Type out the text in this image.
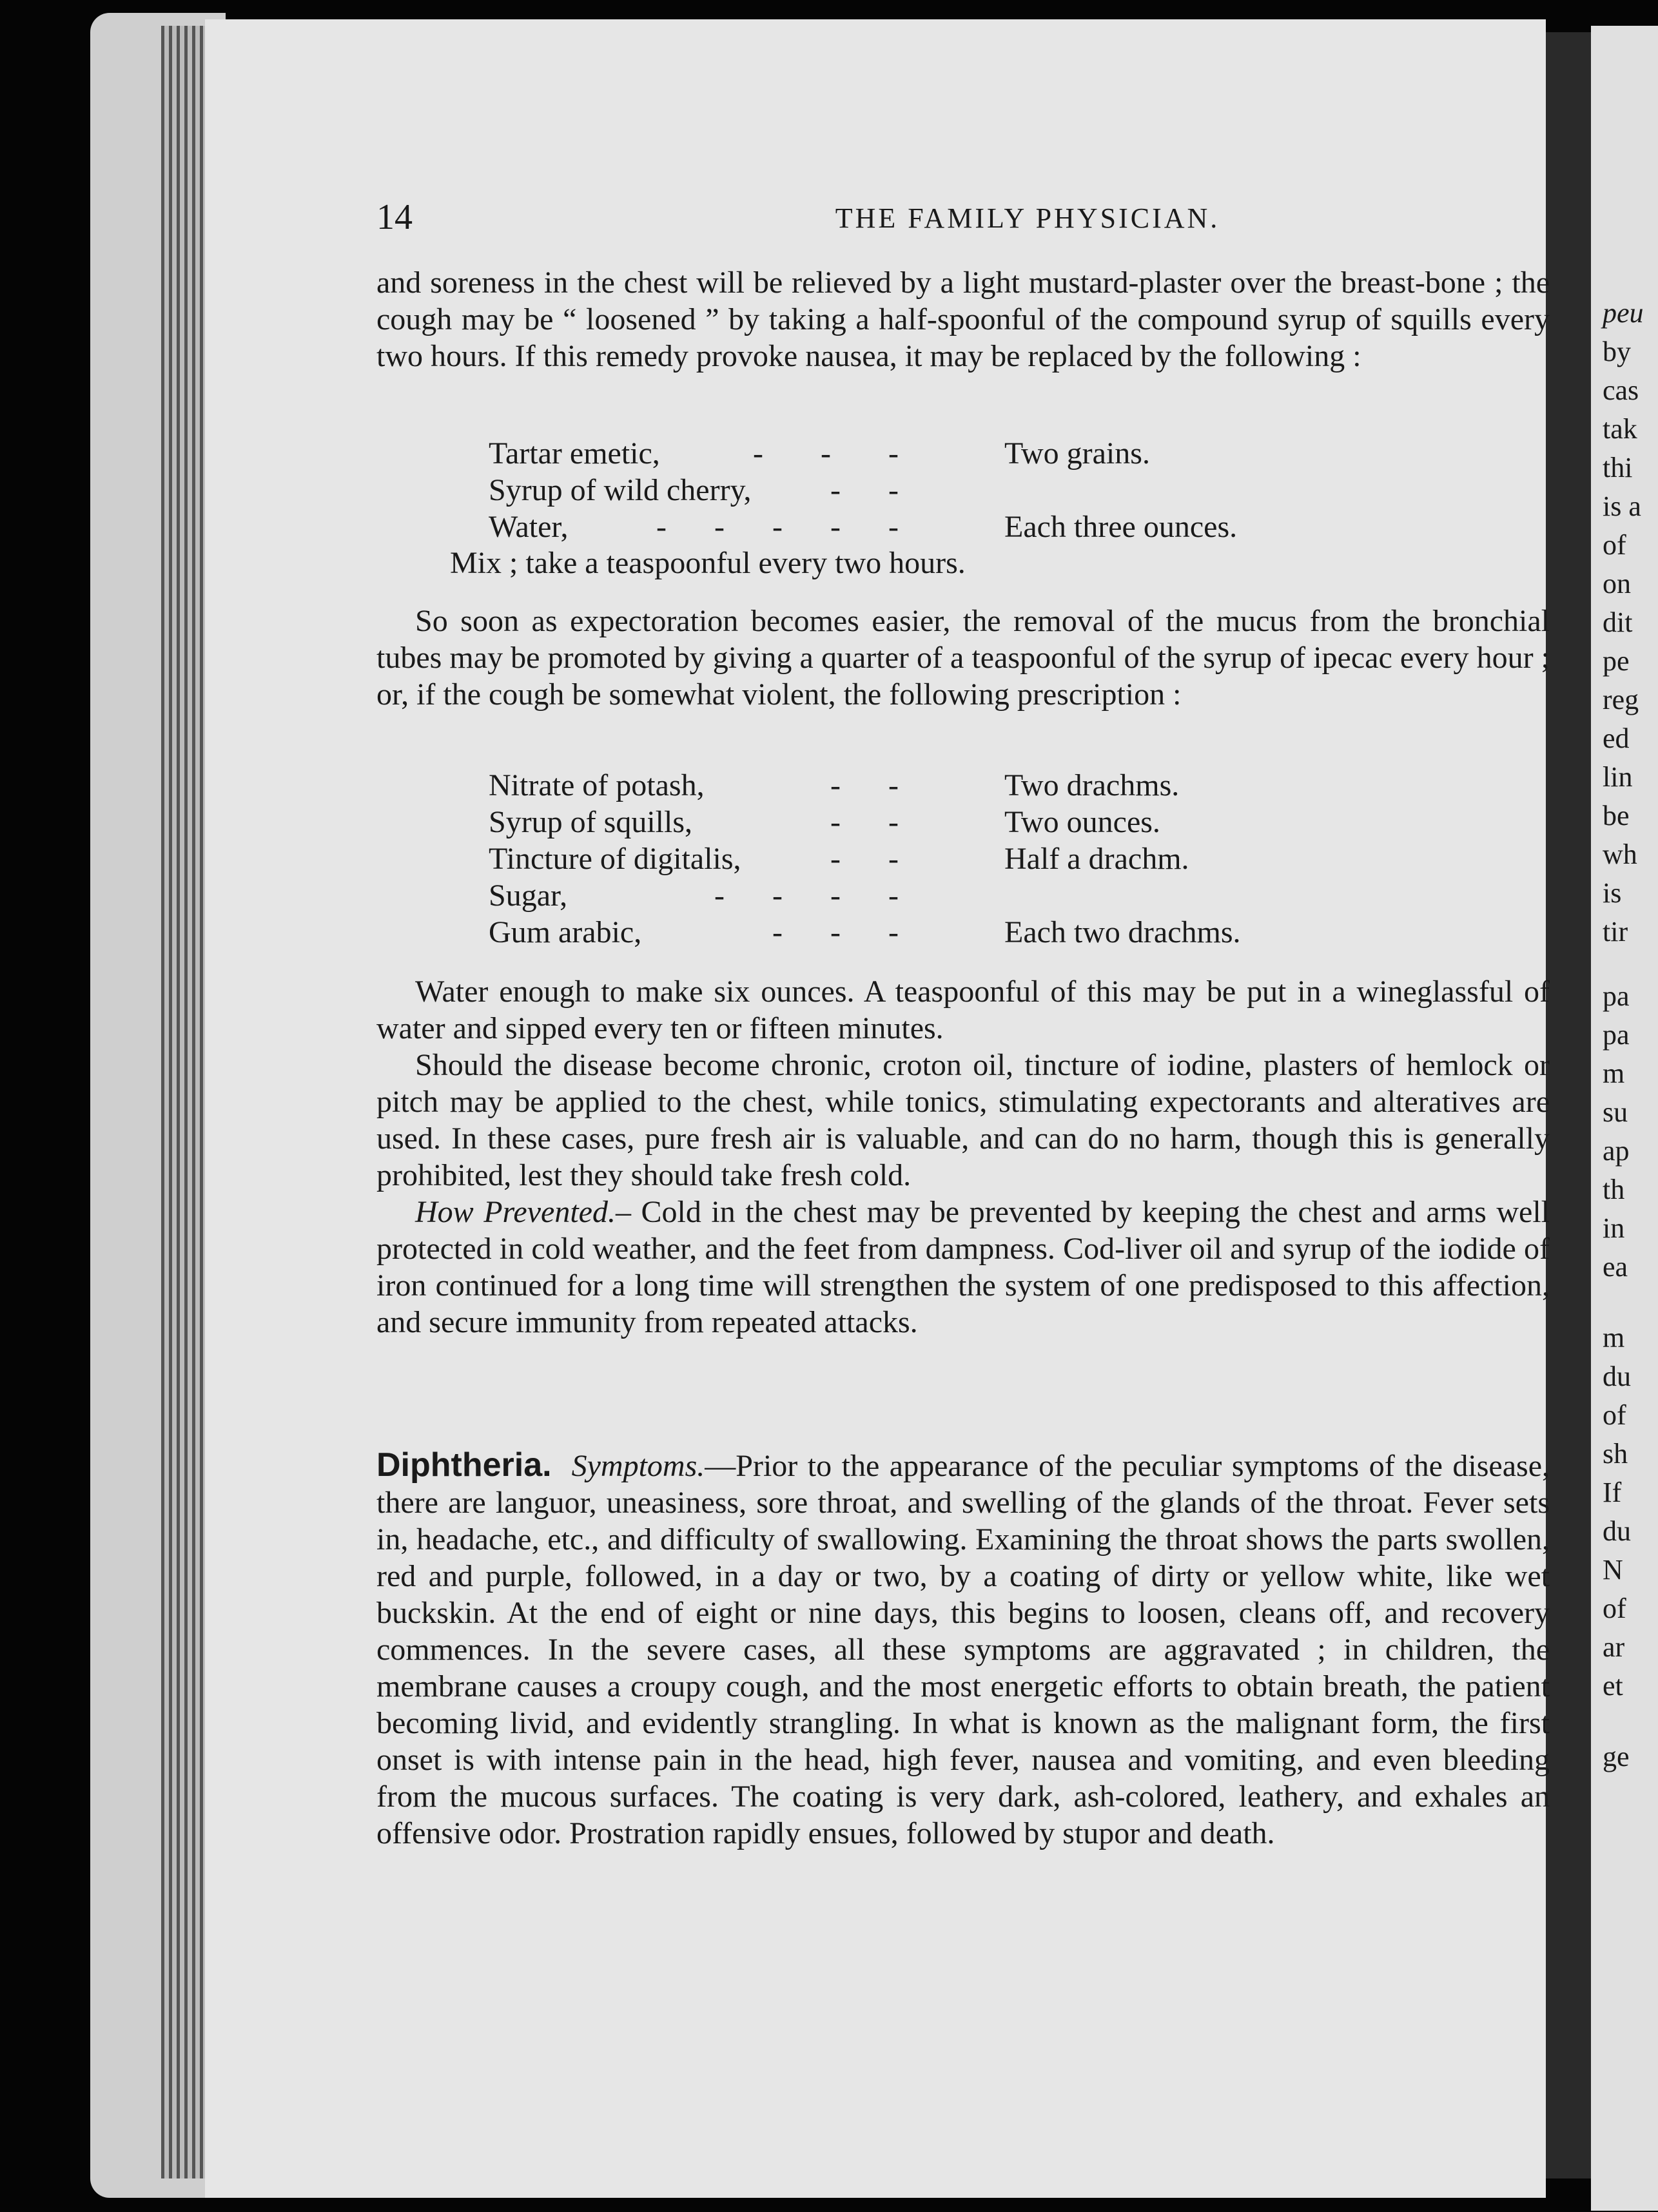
peu
by
cas
tak
thi
is a
of
on
dit
pe
reg
ed
lin
be
wh
is
tir
pa
pa
m
su
ap
th
in
ea
m
du
of
sh
If
du
N
of
ar
et
ge
14	THE FAMILY PHYSICIAN.

and soreness in the chest will be relieved by a light mustard-plaster over the breast-bone ; the cough may be “ loosened ” by taking a half-spoonful of the compound syrup of squills every two hours. If this remedy provoke nausea, it may be replaced by the following :

Tartar emetic,	- - -	Two grains.
Syrup of wild cherry,	- -
Water,	- - - - -	Each three ounces.

Mix ; take a teaspoonful every two hours.

So soon as expectoration becomes easier, the removal of the mucus from the bronchial tubes may be promoted by giving a quarter of a teaspoonful of the syrup of ipecac every hour ; or, if the cough be somewhat violent, the following prescription :

Nitrate of potash,	- -	Two drachms.
Syrup of squills,	- -	Two ounces.
Tincture of digitalis,	- -	Half a drachm.
Sugar,	- - - -
Gum arabic,	- - -	Each two drachms.

Water enough to make six ounces. A teaspoonful of this may be put in a wineglassful of water and sipped every ten or fifteen minutes.

Should the disease become chronic, croton oil, tincture of iodine, plasters of hemlock or pitch may be applied to the chest, while tonics, stimulating expectorants and alteratives are used. In these cases, pure fresh air is valuable, and can do no harm, though this is generally prohibited, lest they should take fresh cold.

How Prevented.– Cold in the chest may be prevented by keeping the chest and arms well protected in cold weather, and the feet from dampness. Cod-liver oil and syrup of the iodide of iron continued for a long time will strengthen the system of one predisposed to this affection, and secure immunity from repeated attacks.

Diphtheria. Symptoms.—Prior to the appearance of the peculiar symptoms of the disease, there are languor, uneasiness, sore throat, and swelling of the glands of the throat. Fever sets in, headache, etc., and difficulty of swallowing. Examining the throat shows the parts swollen, red and purple, followed, in a day or two, by a coating of dirty or yellow white, like wet buckskin. At the end of eight or nine days, this begins to loosen, cleans off, and recovery commences. In the severe cases, all these symptoms are aggravated ; in children, the membrane causes a croupy cough, and the most energetic efforts to obtain breath, the patient becoming livid, and evidently strangling. In what is known as the malignant form, the first onset is with intense pain in the head, high fever, nausea and vomiting, and even bleeding from the mucous surfaces. The coating is very dark, ash-colored, leathery, and exhales an offensive odor. Prostration rapidly ensues, followed by stupor and death.
